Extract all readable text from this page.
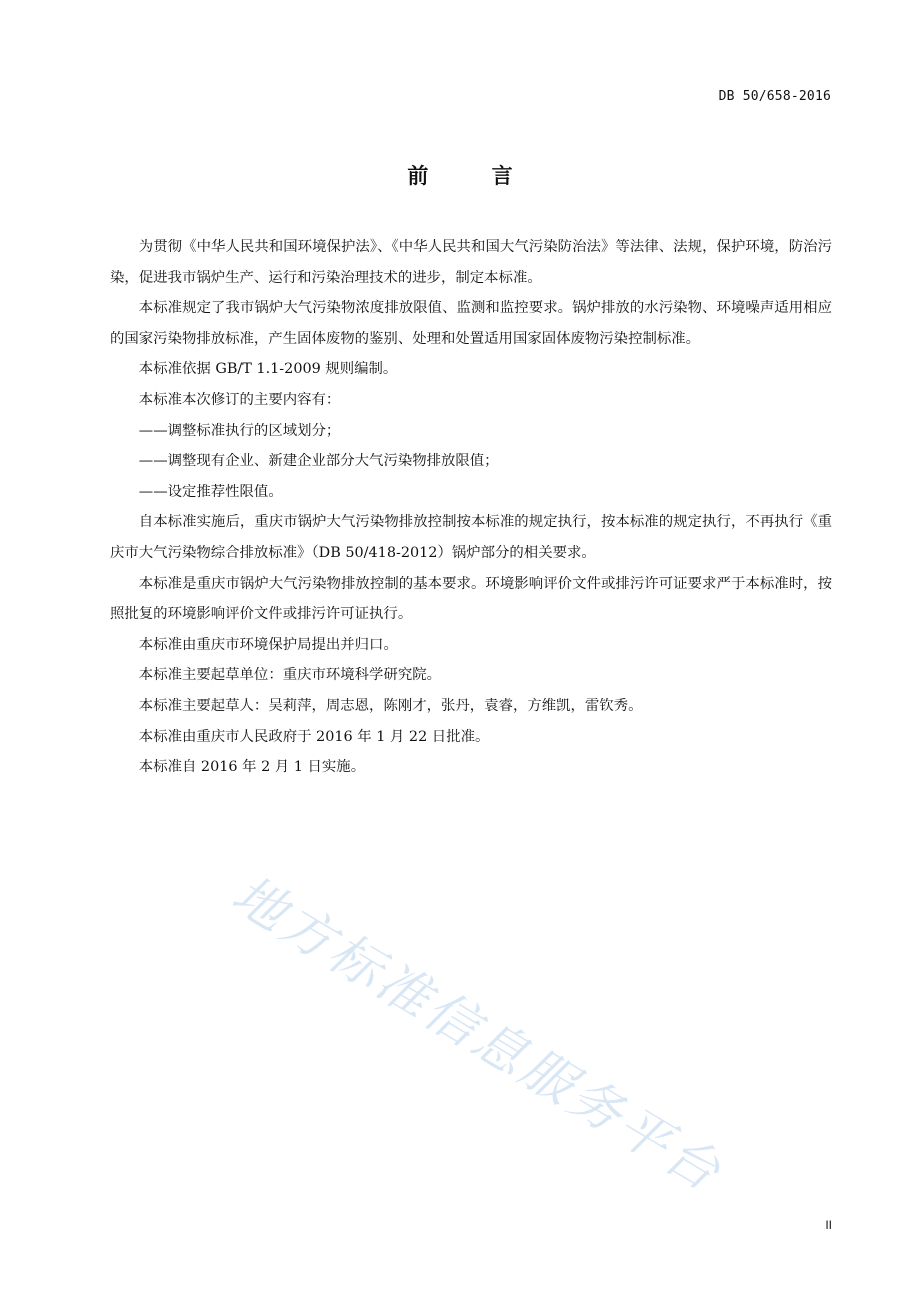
DB 50/658-2016
前 言

为贯彻《中华人民共和国环境保护法》、《中华人民共和国大气污染防治法》等法律、法规，保护环境，防治污染，促进我市锅炉生产、运行和污染治理技术的进步，制定本标准。

本标准规定了我市锅炉大气污染物浓度排放限值、监测和监控要求。锅炉排放的水污染物、环境噪声适用相应的国家污染物排放标准，产生固体废物的鉴别、处理和处置适用国家固体废物污染控制标准。

本标准依据 GB/T 1.1-2009 规则编制。

本标准本次修订的主要内容有：

——调整标准执行的区域划分；

——调整现有企业、新建企业部分大气污染物排放限值；

——设定推荐性限值。

自本标准实施后，重庆市锅炉大气污染物排放控制按本标准的规定执行，按本标准的规定执行，不再执行《重庆市大气污染物综合排放标准》（DB 50/418-2012）锅炉部分的相关要求。

本标准是重庆市锅炉大气污染物排放控制的基本要求。环境影响评价文件或排污许可证要求严于本标准时，按照批复的环境影响评价文件或排污许可证执行。

本标准由重庆市环境保护局提出并归口。

本标准主要起草单位：重庆市环境科学研究院。

本标准主要起草人：吴莉萍，周志恩，陈刚才，张丹，袁睿，方维凯，雷钦秀。

本标准由重庆市人民政府于 2016 年 1 月 22 日批准。

本标准自 2016 年 2 月 1 日实施。

地方标准信息服务平台
II
